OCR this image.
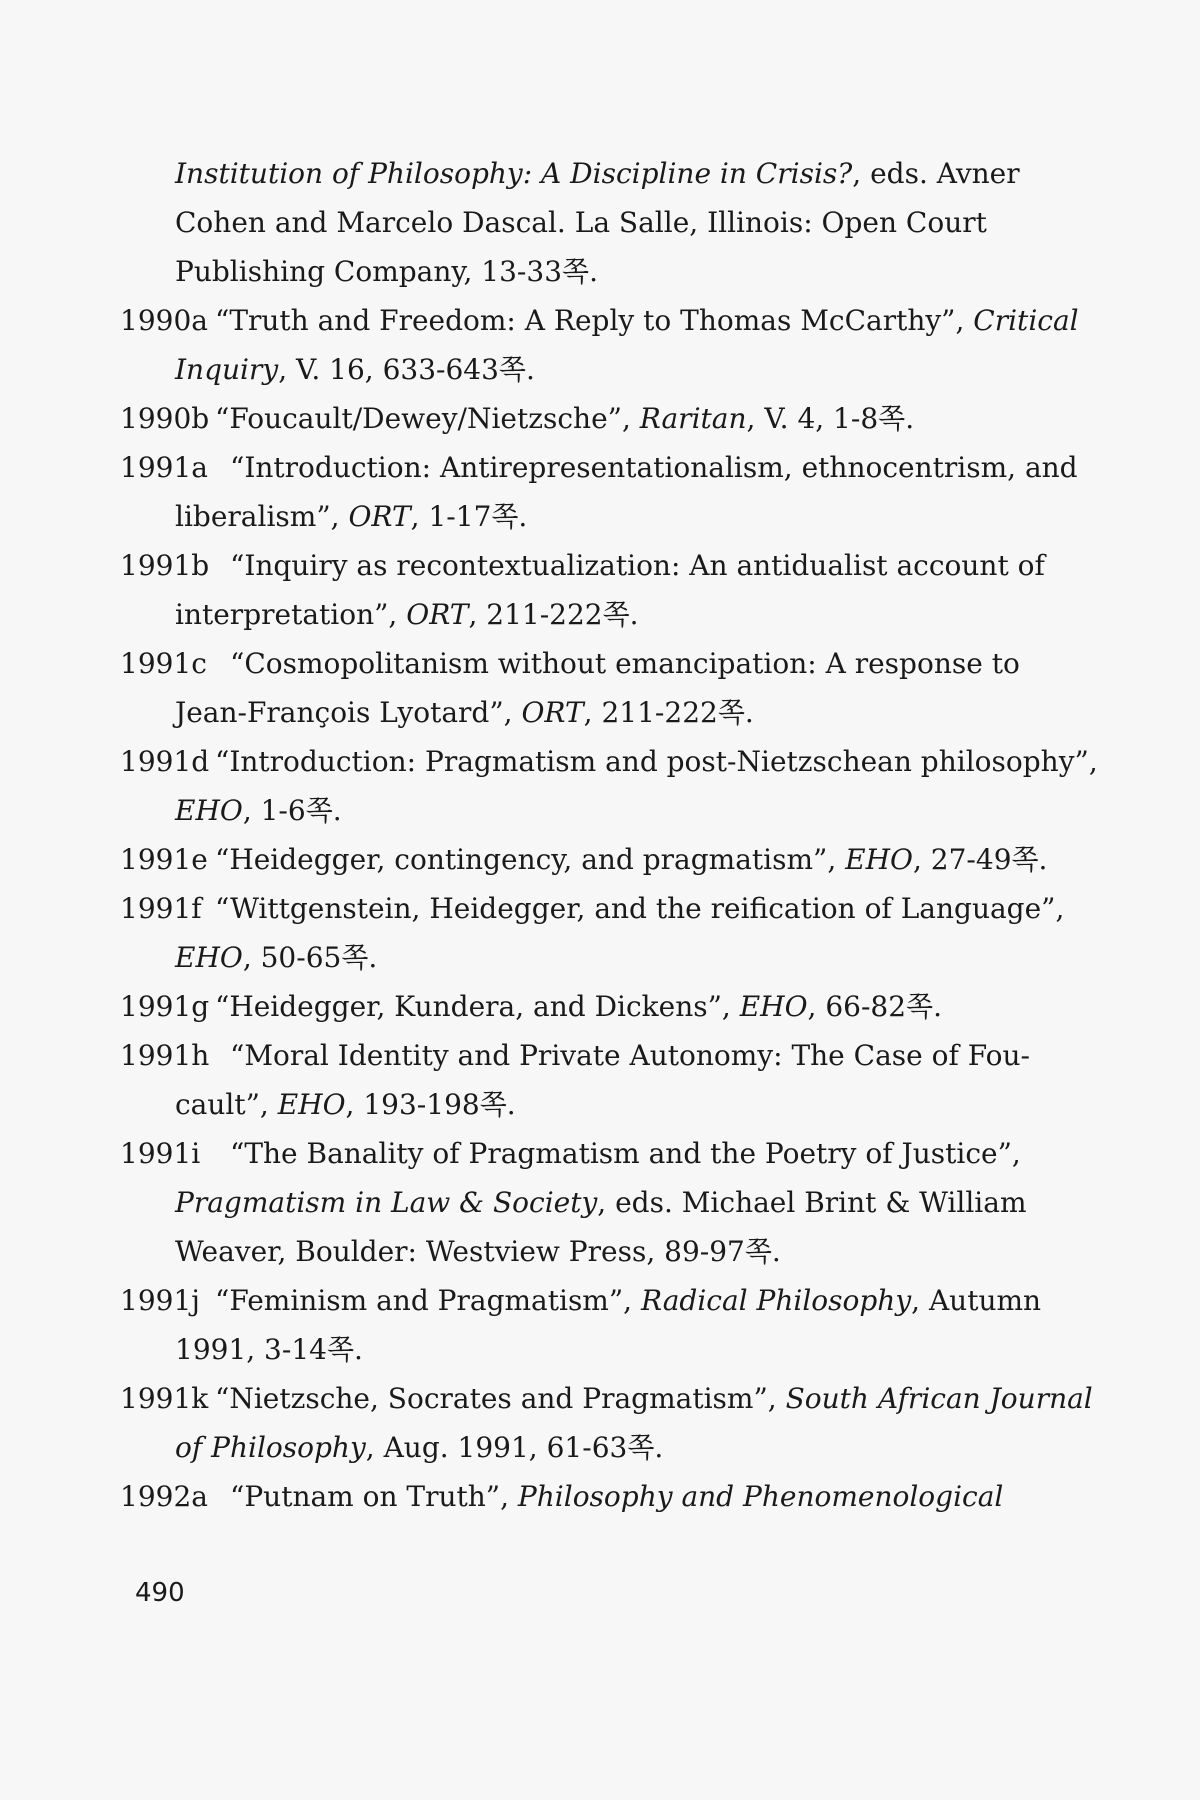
Institution of Philosophy: A Discipline in Crisis?, eds. Avner
Cohen and Marcelo Dascal. La Salle, Illinois: Open Court
Publishing Company, 13-33쪽.
1990a “Truth and Freedom: A Reply to Thomas McCarthy”, Critical
Inquiry, V. 16, 633-643쪽.
1990b “Foucault/Dewey/Nietzsche”, Raritan, V. 4, 1-8쪽.
1991a “Introduction: Antirepresentationalism, ethnocentrism, and
liberalism”, ORT, 1-17쪽.
1991b “Inquiry as recontextualization: An antidualist account of
interpretation”, ORT, 211-222쪽.
1991c “Cosmopolitanism without emancipation: A response to
Jean-François Lyotard”, ORT, 211-222쪽.
1991d “Introduction: Pragmatism and post-Nietzschean philosophy”,
EHO, 1-6쪽.
1991e “Heidegger, contingency, and pragmatism”, EHO, 27-49쪽.
1991f “Wittgenstein, Heidegger, and the reification of Language”,
EHO, 50-65쪽.
1991g “Heidegger, Kundera, and Dickens”, EHO, 66-82쪽.
1991h “Moral Identity and Private Autonomy: The Case of Fou-
cault”, EHO, 193-198쪽.
1991i “The Banality of Pragmatism and the Poetry of Justice”,
Pragmatism in Law & Society, eds. Michael Brint & William
Weaver, Boulder: Westview Press, 89-97쪽.
1991j “Feminism and Pragmatism”, Radical Philosophy, Autumn
1991, 3-14쪽.
1991k “Nietzsche, Socrates and Pragmatism”, South African Journal
of Philosophy, Aug. 1991, 61-63쪽.
1992a “Putnam on Truth”, Philosophy and Phenomenological
490
